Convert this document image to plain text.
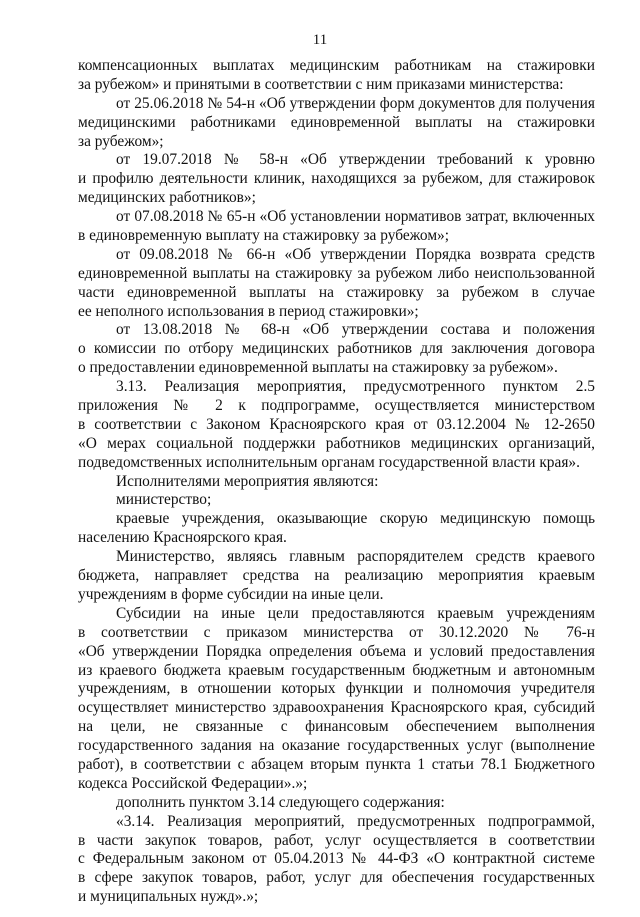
11
компенсационных выплатах медицинским работникам на стажировки
за рубежом» и принятыми в соответствии с ним приказами министерства:
от 25.06.2018 № 54-н «Об утверждении форм документов для получения
медицинскими работниками единовременной выплаты на стажировки
за рубежом»;
от 19.07.2018 № 58-н «Об утверждении требований к уровню
и профилю деятельности клиник, находящихся за рубежом, для стажировок
медицинских работников»;
от 07.08.2018 № 65-н «Об установлении нормативов затрат, включенных
в единовременную выплату на стажировку за рубежом»;
от 09.08.2018 № 66-н «Об утверждении Порядка возврата средств
единовременной выплаты на стажировку за рубежом либо неиспользованной
части единовременной выплаты на стажировку за рубежом в случае
ее неполного использования в период стажировки»;
от 13.08.2018 № 68-н «Об утверждении состава и положения
о комиссии по отбору медицинских работников для заключения договора
о предоставлении единовременной выплаты на стажировку за рубежом».
3.13. Реализация мероприятия, предусмотренного пунктом 2.5
приложения № 2 к подпрограмме, осуществляется министерством
в соответствии с Законом Красноярского края от 03.12.2004 № 12-2650
«О мерах социальной поддержки работников медицинских организаций,
подведомственных исполнительным органам государственной власти края».
Исполнителями мероприятия являются:
министерство;
краевые учреждения, оказывающие скорую медицинскую помощь
населению Красноярского края.
Министерство, являясь главным распорядителем средств краевого
бюджета, направляет средства на реализацию мероприятия краевым
учреждениям в форме субсидии на иные цели.
Субсидии на иные цели предоставляются краевым учреждениям
в соответствии с приказом министерства от 30.12.2020 № 76-н
«Об утверждении Порядка определения объема и условий предоставления
из краевого бюджета краевым государственным бюджетным и автономным
учреждениям, в отношении которых функции и полномочия учредителя
осуществляет министерство здравоохранения Красноярского края, субсидий
на цели, не связанные с финансовым обеспечением выполнения
государственного задания на оказание государственных услуг (выполнение
работ), в соответствии с абзацем вторым пункта 1 статьи 78.1 Бюджетного
кодекса Российской Федерации».»;
дополнить пунктом 3.14 следующего содержания:
«3.14. Реализация мероприятий, предусмотренных подпрограммой,
в части закупок товаров, работ, услуг осуществляется в соответствии
с Федеральным законом от 05.04.2013 № 44-ФЗ «О контрактной системе
в сфере закупок товаров, работ, услуг для обеспечения государственных
и муниципальных нужд».»;
